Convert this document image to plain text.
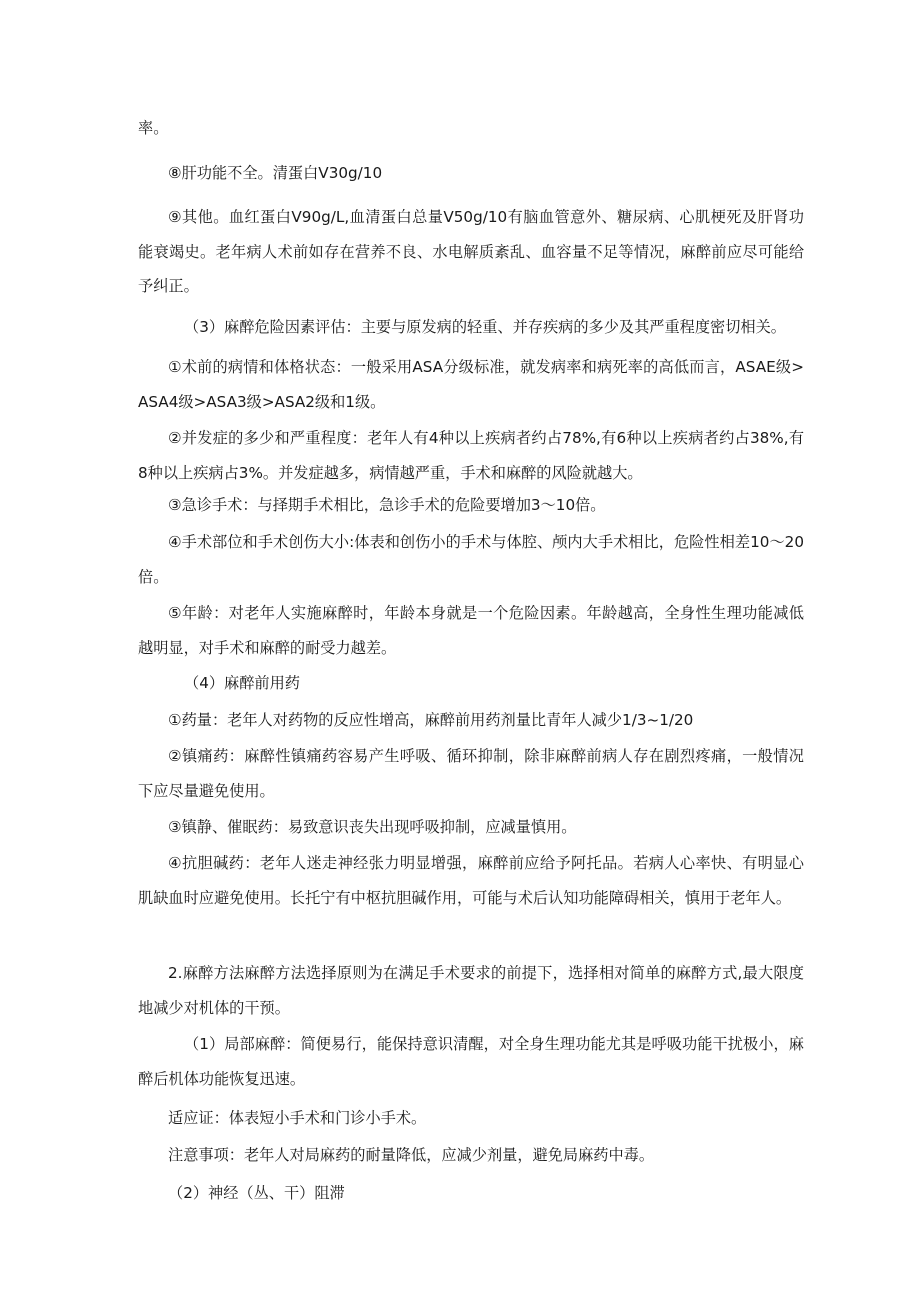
率。

⑧肝功能不全。清蛋白V30g/10

⑨其他。血红蛋白V90g/L,血清蛋白总量V50g/10有脑血管意外、糖尿病、心肌梗死及肝肾功能衰竭史。老年病人术前如存在营养不良、水电解质紊乱、血容量不足等情况，麻醉前应尽可能给予纠正。

（3）麻醉危险因素评估：主要与原发病的轻重、并存疾病的多少及其严重程度密切相关。

①术前的病情和体格状态：一般采用ASA分级标准，就发病率和病死率的高低而言，ASAE级>ASA4级>ASA3级>ASA2级和1级。

②并发症的多少和严重程度：老年人有4种以上疾病者约占78%,有6种以上疾病者约占38%,有8种以上疾病占3%。并发症越多，病情越严重，手术和麻醉的风险就越大。

③急诊手术：与择期手术相比，急诊手术的危险要增加3～10倍。

④手术部位和手术创伤大小:体表和创伤小的手术与体腔、颅内大手术相比，危险性相差10～20倍。

⑤年龄：对老年人实施麻醉时，年龄本身就是一个危险因素。年龄越高，全身性生理功能减低越明显，对手术和麻醉的耐受力越差。

（4）麻醉前用药

①药量：老年人对药物的反应性增高，麻醉前用药剂量比青年人减少1/3~1/20

②镇痛药：麻醉性镇痛药容易产生呼吸、循环抑制，除非麻醉前病人存在剧烈疼痛，一般情况下应尽量避免使用。

③镇静、催眠药：易致意识丧失出现呼吸抑制，应减量慎用。

④抗胆碱药：老年人迷走神经张力明显增强，麻醉前应给予阿托品。若病人心率快、有明显心肌缺血时应避免使用。长托宁有中枢抗胆碱作用，可能与术后认知功能障碍相关，慎用于老年人。

2.麻醉方法麻醉方法选择原则为在满足手术要求的前提下，选择相对简单的麻醉方式,最大限度地减少对机体的干预。

（1）局部麻醉：简便易行，能保持意识清醒，对全身生理功能尤其是呼吸功能干扰极小，麻醉后机体功能恢复迅速。

适应证：体表短小手术和门诊小手术。

注意事项：老年人对局麻药的耐量降低，应减少剂量，避免局麻药中毒。

（2）神经（丛、干）阻滞
